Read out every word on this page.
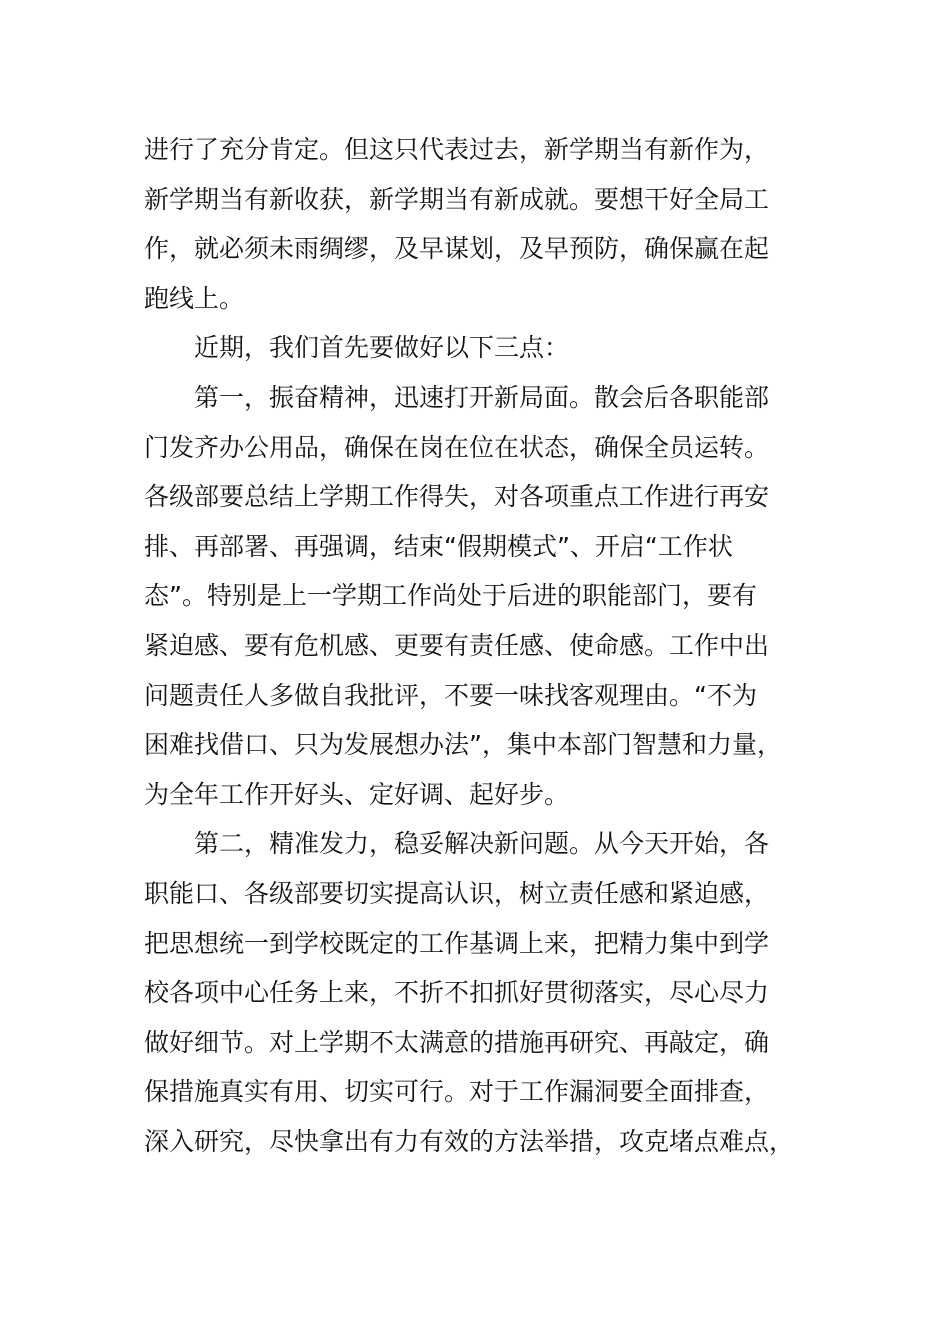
进行了充分肯定。但这只代表过去，新学期当有新作为，
新学期当有新收获，新学期当有新成就。要想干好全局工
作，就必须未雨绸缪，及早谋划，及早预防，确保赢在起
跑线上。
近期，我们首先要做好以下三点：
第一，振奋精神，迅速打开新局面。散会后各职能部
门发齐办公用品，确保在岗在位在状态，确保全员运转。
各级部要总结上学期工作得失，对各项重点工作进行再安
排、再部署、再强调，结束“假期模式”、开启“工作状
态”。特别是上一学期工作尚处于后进的职能部门，要有
紧迫感、要有危机感、更要有责任感、使命感。工作中出
问题责任人多做自我批评，不要一味找客观理由。“不为
困难找借口、只为发展想办法”，集中本部门智慧和力量，
为全年工作开好头、定好调、起好步。
第二，精准发力，稳妥解决新问题。从今天开始，各
职能口、各级部要切实提高认识，树立责任感和紧迫感，
把思想统一到学校既定的工作基调上来，把精力集中到学
校各项中心任务上来，不折不扣抓好贯彻落实，尽心尽力
做好细节。对上学期不太满意的措施再研究、再敲定，确
保措施真实有用、切实可行。对于工作漏洞要全面排查，
深入研究，尽快拿出有力有效的方法举措，攻克堵点难点，
